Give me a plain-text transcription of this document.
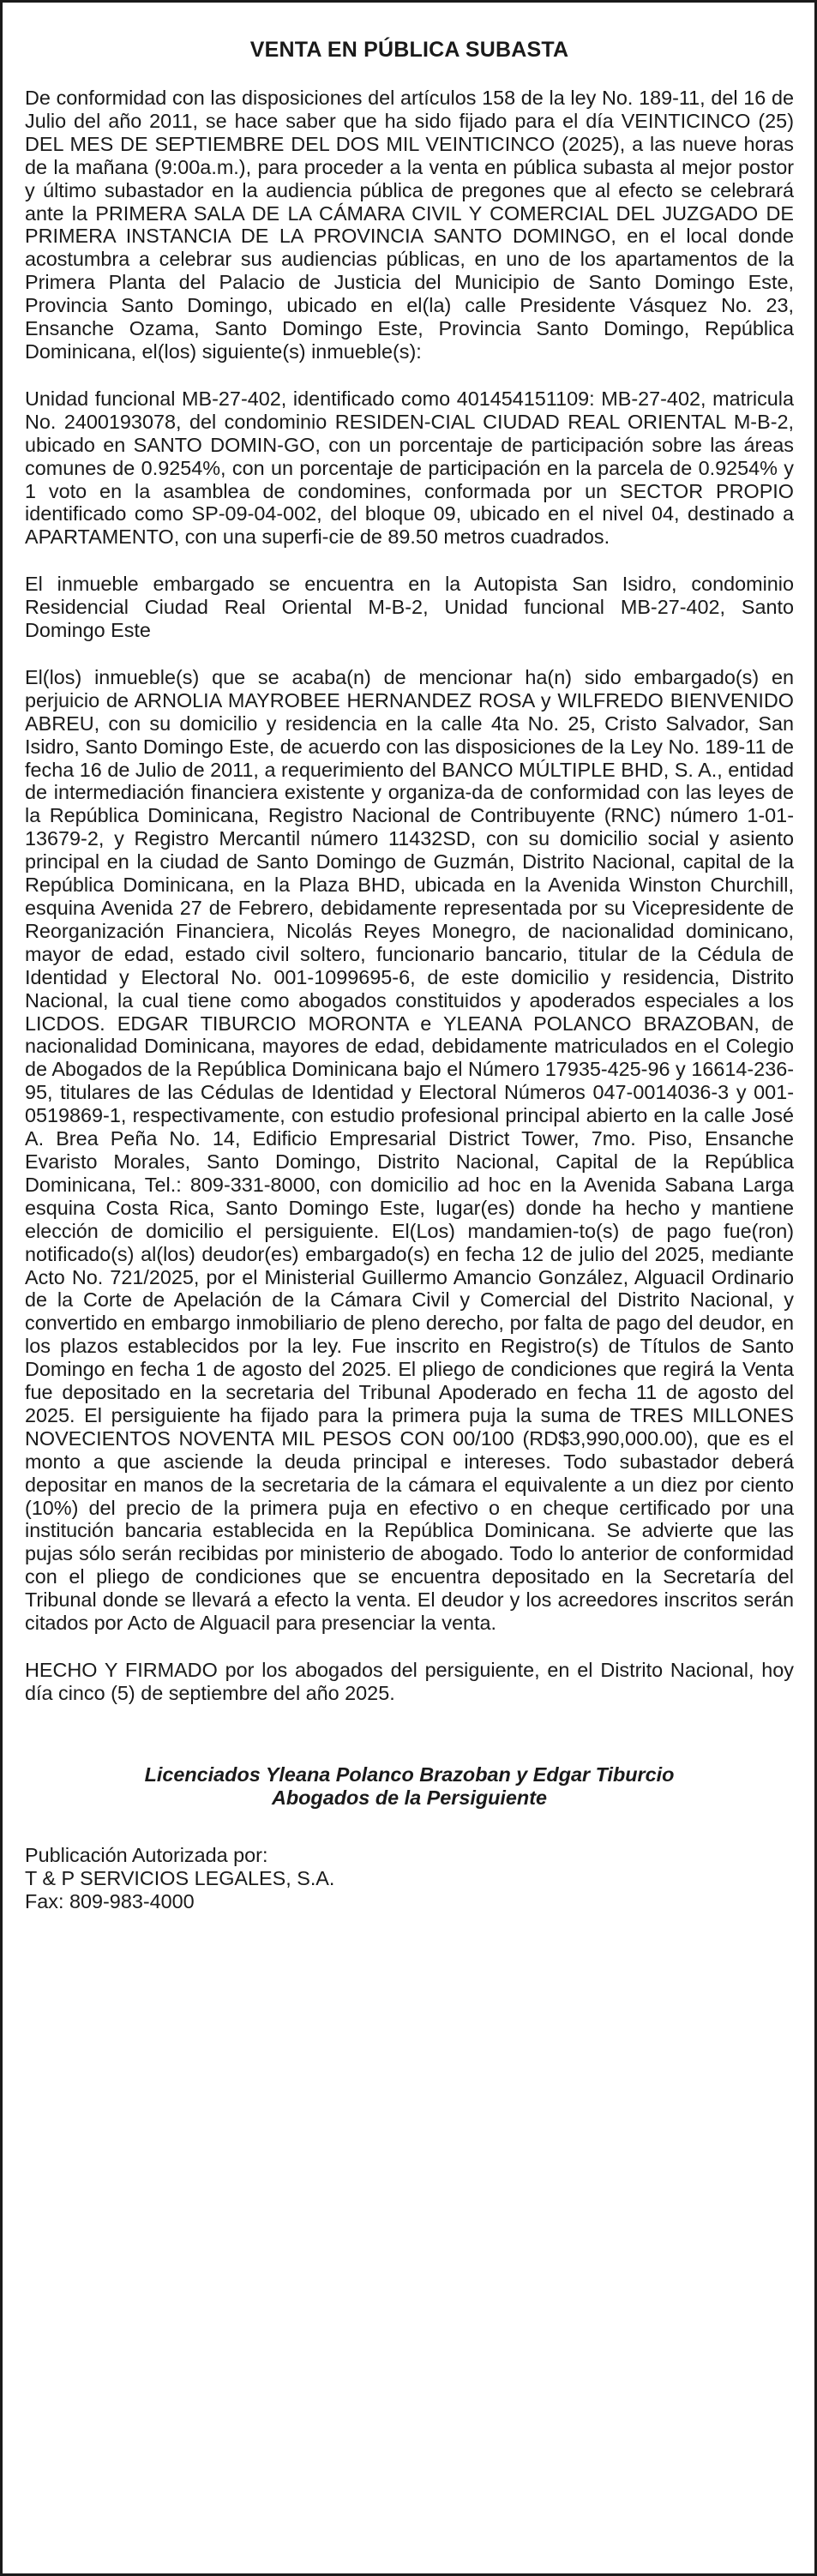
VENTA EN PÚBLICA SUBASTA

De conformidad con las disposiciones del artículos 158 de la ley No. 189-11, del 16 de Julio del año 2011, se hace saber que ha sido fijado para el día VEINTICINCO (25) DEL MES DE SEPTIEMBRE DEL DOS MIL VEINTICINCO (2025), a las nueve horas de la mañana (9:00a.m.), para proceder a la venta en pública subasta al mejor postor y último subastador en la audiencia pública de pregones que al efecto se celebrará ante la PRIMERA SALA DE LA CÁMARA CIVIL Y COMERCIAL DEL JUZGADO DE PRIMERA INSTANCIA DE LA PROVINCIA SANTO DOMINGO, en el local donde acostumbra a celebrar sus audiencias públicas, en uno de los apartamentos de la Primera Planta del Palacio de Justicia del Municipio de Santo Domingo Este, Provincia Santo Domingo, ubicado en el(la) calle Presidente Vásquez No. 23, Ensanche Ozama, Santo Domingo Este, Provincia Santo Domingo, República Dominicana, el(los) siguiente(s) inmueble(s):

Unidad funcional MB-27-402, identificado como 401454151109: MB-27-402, matricula No. 2400193078, del condominio RESIDEN-CIAL CIUDAD REAL ORIENTAL M-B-2, ubicado en SANTO DOMIN-GO, con un porcentaje de participación sobre las áreas comunes de 0.9254%, con un porcentaje de participación en la parcela de 0.9254% y 1 voto en la asamblea de condomines, conformada por un SECTOR PROPIO identificado como SP-09-04-002, del bloque 09, ubicado en el nivel 04, destinado a APARTAMENTO, con una superfi-cie de 89.50 metros cuadrados.

El inmueble embargado se encuentra en la Autopista San Isidro, condominio Residencial Ciudad Real Oriental M-B-2, Unidad funcional MB-27-402, Santo Domingo Este

El(los) inmueble(s) que se acaba(n) de mencionar ha(n) sido embargado(s) en perjuicio de ARNOLIA MAYROBEE HERNANDEZ ROSA y WILFREDO BIENVENIDO ABREU, con su domicilio y residencia en la calle 4ta No. 25, Cristo Salvador, San Isidro, Santo Domingo Este, de acuerdo con las disposiciones de la Ley No. 189-11 de fecha 16 de Julio de 2011, a requerimiento del BANCO MÚLTIPLE BHD, S. A., entidad de intermediación financiera existente y organiza-da de conformidad con las leyes de la República Dominicana, Registro Nacional de Contribuyente (RNC) número 1-01-13679-2, y Registro Mercantil número 11432SD, con su domicilio social y asiento principal en la ciudad de Santo Domingo de Guzmán, Distrito Nacional, capital de la República Dominicana, en la Plaza BHD, ubicada en la Avenida Winston Churchill, esquina Avenida 27 de Febrero, debidamente representada por su Vicepresidente de Reorganización Financiera, Nicolás Reyes Monegro, de nacionalidad dominicano, mayor de edad, estado civil soltero, funcionario bancario, titular de la Cédula de Identidad y Electoral No. 001-1099695-6, de este domicilio y residencia, Distrito Nacional, la cual tiene como abogados constituidos y apoderados especiales a los LICDOS. EDGAR TIBURCIO MORONTA e YLEANA POLANCO BRAZOBAN, de nacionalidad Dominicana, mayores de edad, debidamente matriculados en el Colegio de Abogados de la República Dominicana bajo el Número 17935-425-96 y 16614-236-95, titulares de las Cédulas de Identidad y Electoral Números 047-0014036-3 y 001-0519869-1, respectivamente, con estudio profesional principal abierto en la calle José A. Brea Peña No. 14, Edificio Empresarial District Tower, 7mo. Piso, Ensanche Evaristo Morales, Santo Domingo, Distrito Nacional, Capital de la República Dominicana, Tel.: 809-331-8000, con domicilio ad hoc en la Avenida Sabana Larga esquina Costa Rica, Santo Domingo Este, lugar(es) donde ha hecho y mantiene elección de domicilio el persiguiente. El(Los) mandamien-to(s) de pago fue(ron) notificado(s) al(los) deudor(es) embargado(s) en fecha 12 de julio del 2025, mediante Acto No. 721/2025, por el Ministerial Guillermo Amancio González, Alguacil Ordinario de la Corte de Apelación de la Cámara Civil y Comercial del Distrito Nacional, y convertido en embargo inmobiliario de pleno derecho, por falta de pago del deudor, en los plazos establecidos por la ley. Fue inscrito en Registro(s) de Títulos de Santo Domingo en fecha 1 de agosto del 2025. El pliego de condiciones que regirá la Venta fue depositado en la secretaria del Tribunal Apoderado en fecha 11 de agosto del 2025. El persiguiente ha fijado para la primera puja la suma de TRES MILLONES NOVECIENTOS NOVENTA MIL PESOS CON 00/100 (RD$3,990,000.00), que es el monto a que asciende la deuda principal e intereses. Todo subastador deberá depositar en manos de la secretaria de la cámara el equivalente a un diez por ciento (10%) del precio de la primera puja en efectivo o en cheque certificado por una institución bancaria establecida en la República Dominicana. Se advierte que las pujas sólo serán recibidas por ministerio de abogado. Todo lo anterior de conformidad con el pliego de condiciones que se encuentra depositado en la Secretaría del Tribunal donde se llevará a efecto la venta. El deudor y los acreedores inscritos serán citados por Acto de Alguacil para presenciar la venta.

HECHO Y FIRMADO por los abogados del persiguiente, en el Distrito Nacional, hoy día cinco (5) de septiembre del año 2025.

Licenciados Yleana Polanco Brazoban y Edgar Tiburcio
Abogados de la Persiguiente
Publicación Autorizada por:
T & P SERVICIOS LEGALES, S.A.
Fax: 809-983-4000
